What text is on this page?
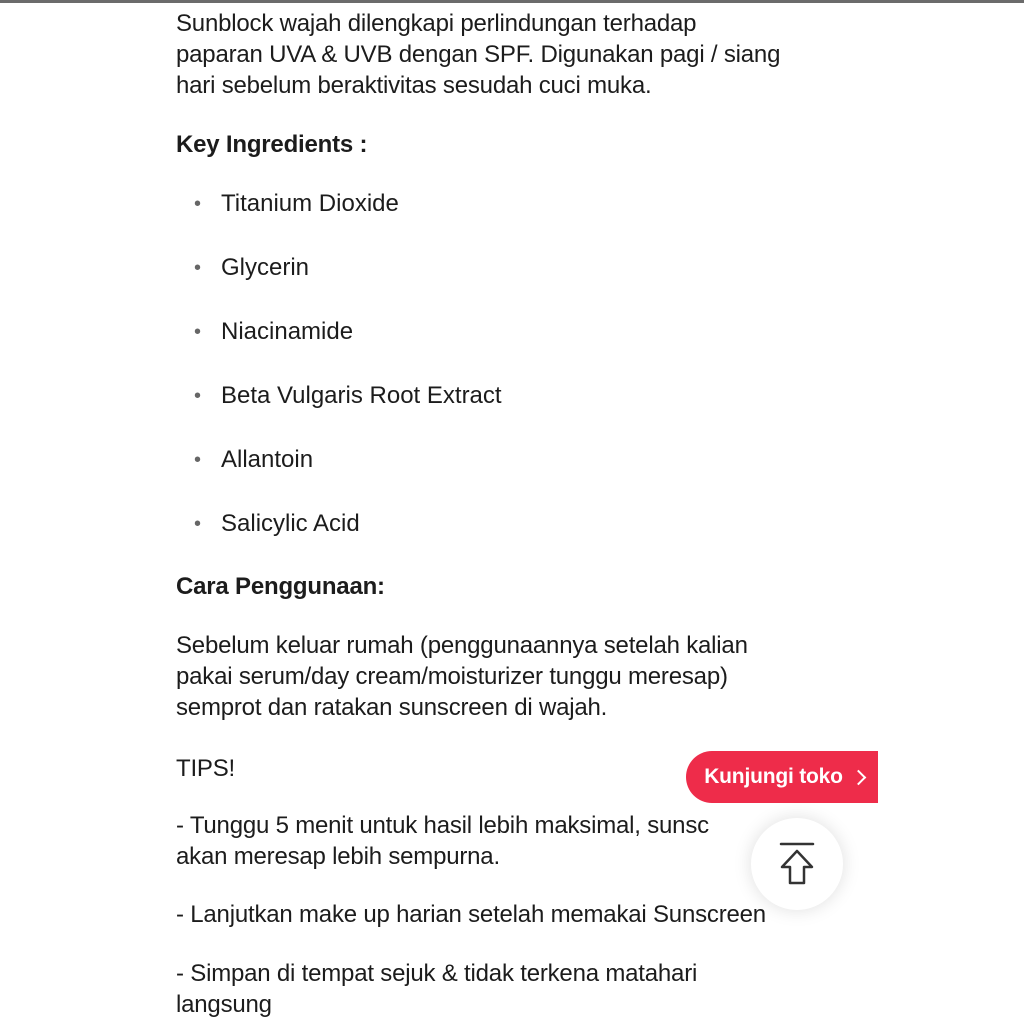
Sunblock wajah dilengkapi perlindungan terhadap
paparan UVA & UVB dengan SPF. Digunakan pagi / siang
hari sebelum beraktivitas sesudah cuci muka.

Key Ingredients :

• Titanium Dioxide
• Glycerin
• Niacinamide
• Beta Vulgaris Root Extract
• Allantoin
• Salicylic Acid

Cara Penggunaan:

Sebelum keluar rumah (penggunaannya setelah kalian
pakai serum/day cream/moisturizer tunggu meresap)
semprot dan ratakan sunscreen di wajah.

TIPS!

- Tunggu 5 menit untuk hasil lebih maksimal, sunsc
akan meresap lebih sempurna.

- Lanjutkan make up harian setelah memakai Sunscreen

- Simpan di tempat sejuk & tidak terkena matahari
langsung

Kunjungi toko
